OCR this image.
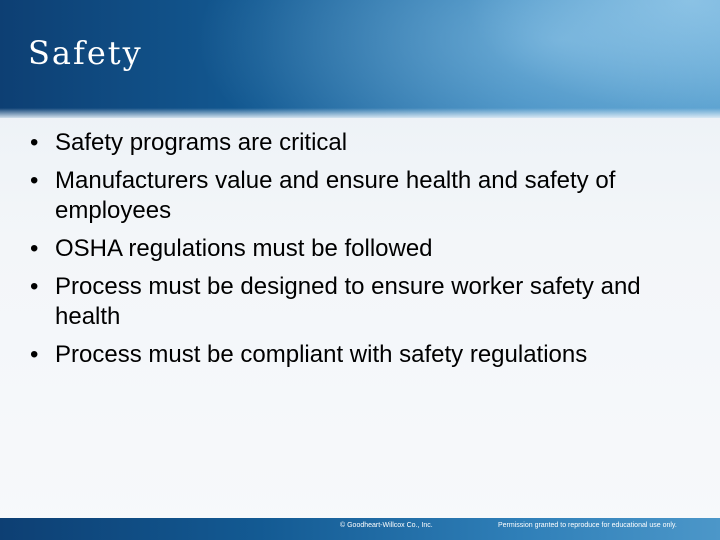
Safety
• Safety programs are critical
• Manufacturers value and ensure health and safety of employees
• OSHA regulations must be followed
• Process must be designed to ensure worker safety and health
• Process must be compliant with safety regulations
© Goodheart-Willcox Co., Inc.	Permission granted to reproduce for educational use only.
